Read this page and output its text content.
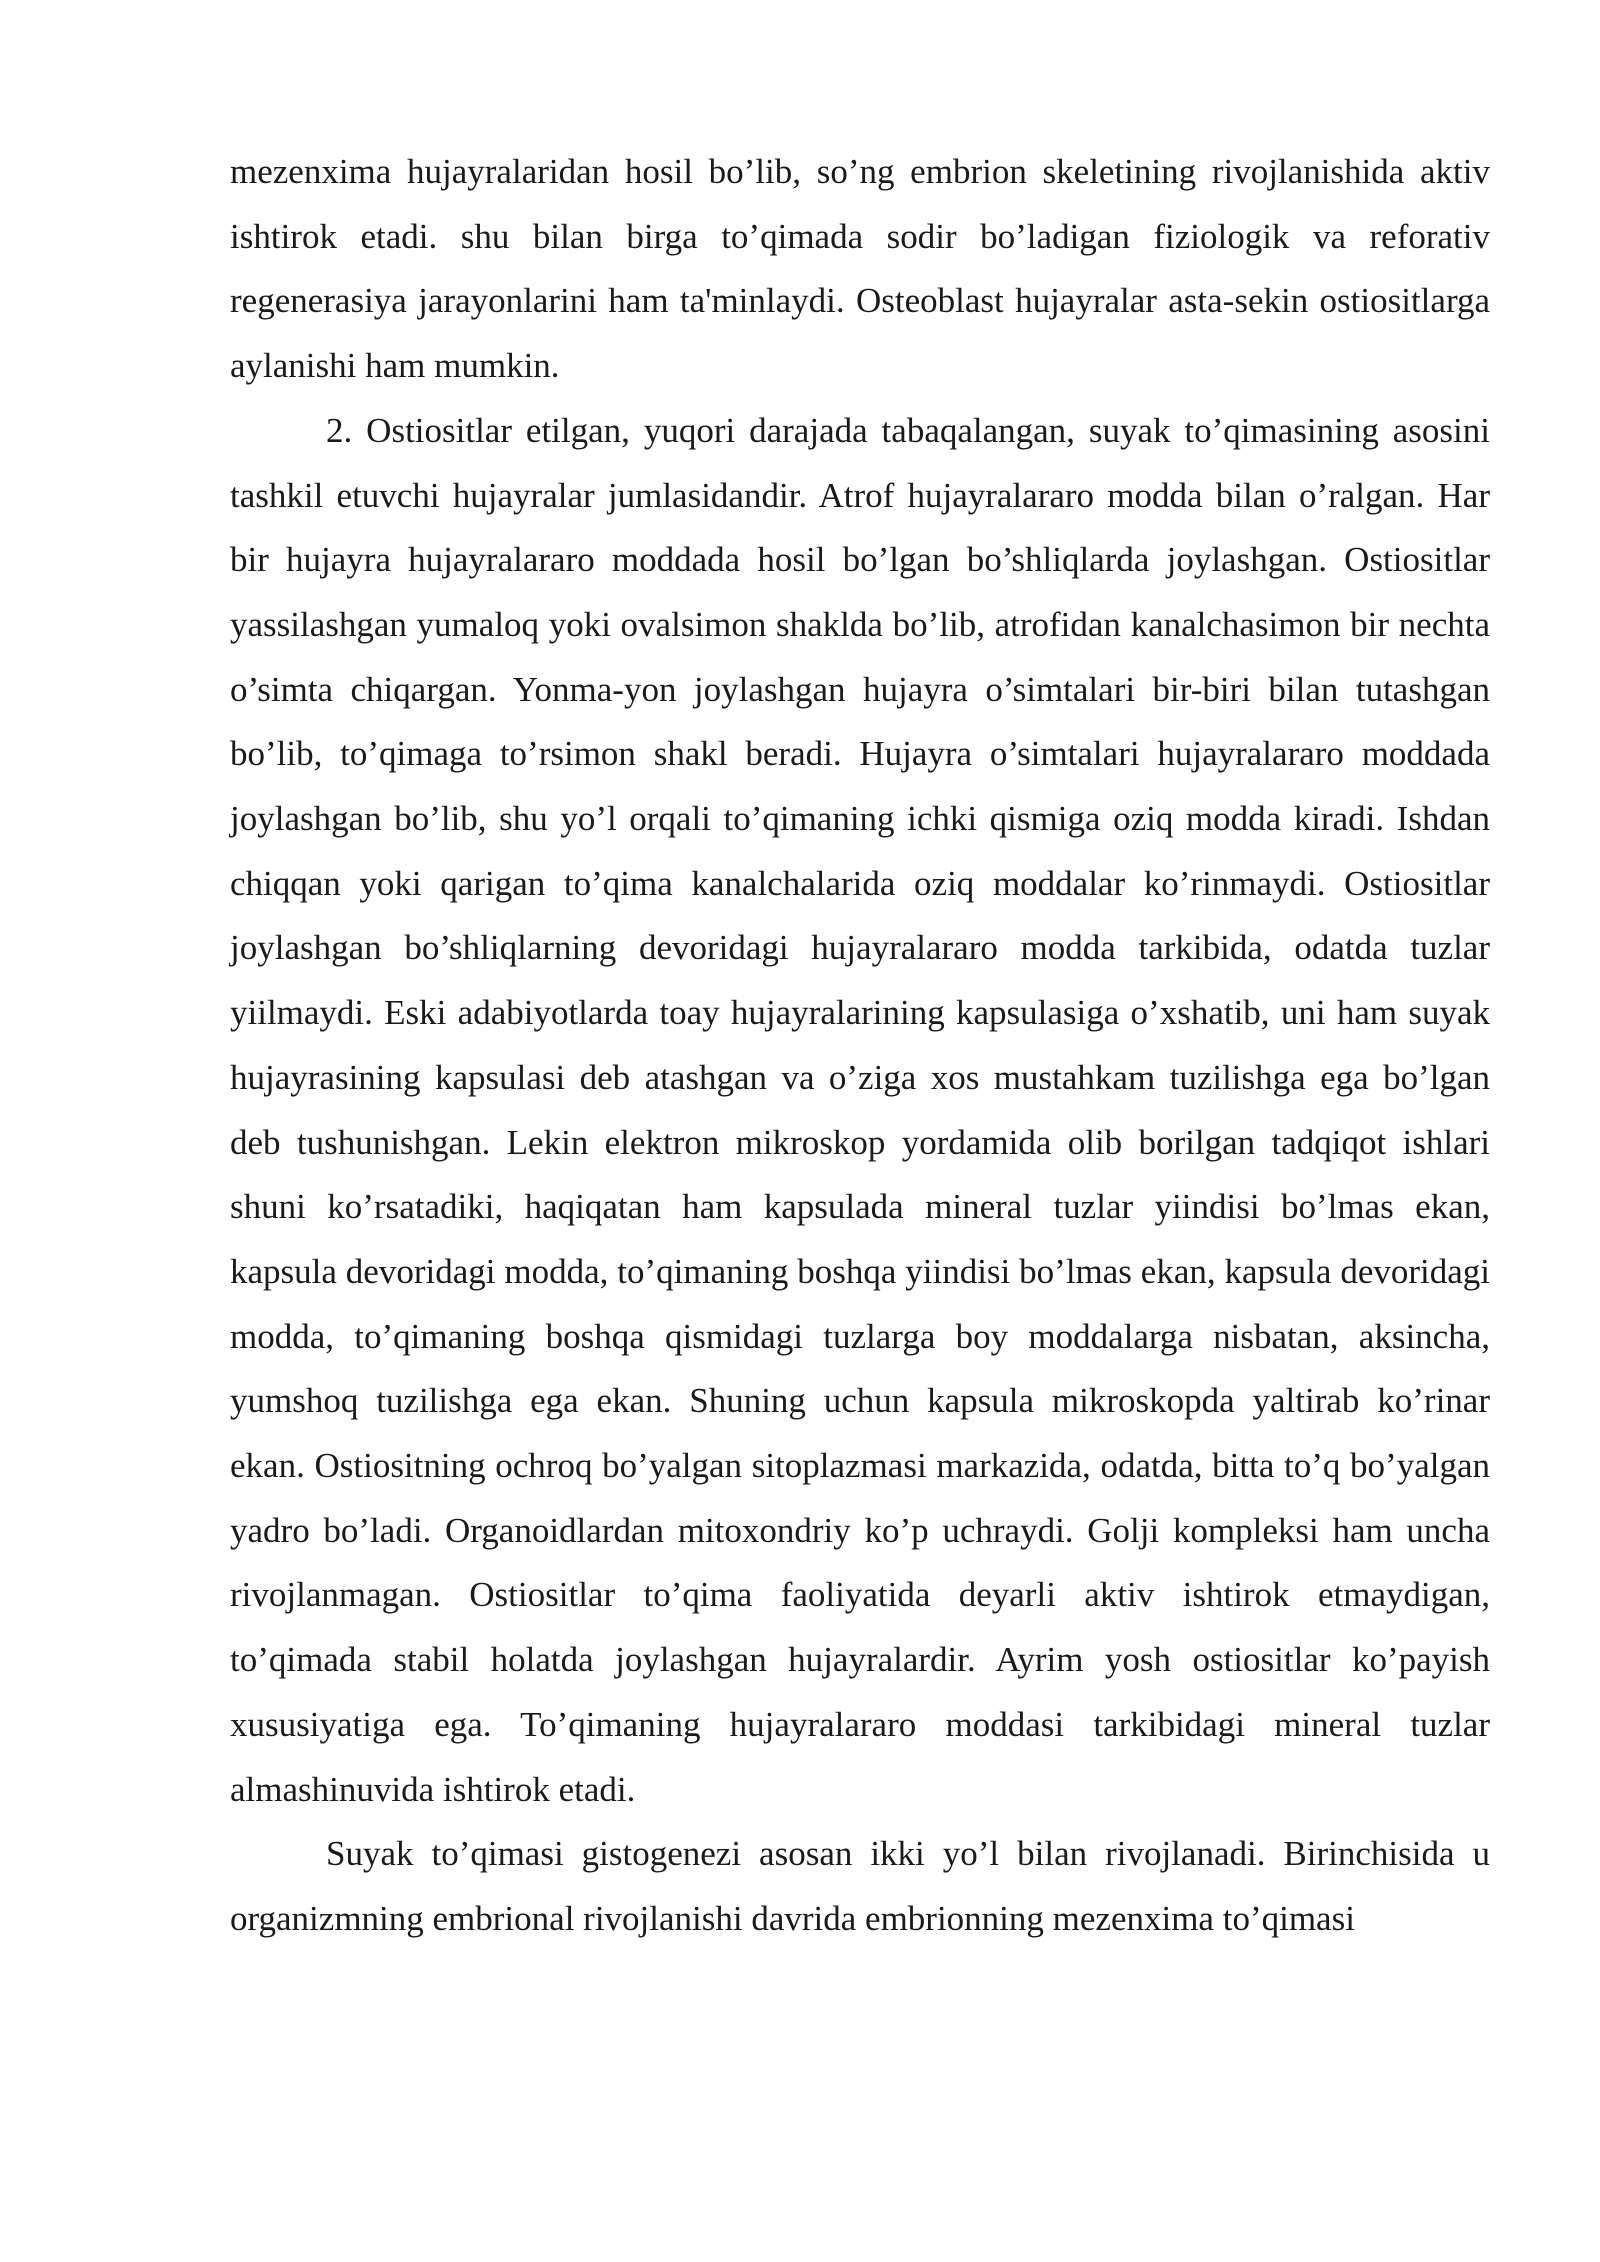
mezenxima hujayralaridan hosil bo’lib, so’ng embrion skeletining rivojlanishida aktiv ishtirok etadi. shu bilan birga to’qimada sodir bo’ladigan fiziologik va reforativ regenerasiya jarayonlarini ham ta'minlaydi. Osteoblast hujayralar asta-sekin ostiositlarga aylanishi ham mumkin.

2. Ostiositlar etilgan, yuqori darajada tabaqalangan, suyak to’qimasining asosini tashkil etuvchi hujayralar jumlasidandir. Atrof hujayralararo modda bilan o’ralgan. Har bir hujayra hujayralararo moddada hosil bo’lgan bo’shliqlarda joylashgan. Ostiositlar yassilashgan yumaloq yoki ovalsimon shaklda bo’lib, atrofidan kanalchasimon bir nechta o’simta chiqargan. Yonma-yon joylashgan hujayra o’simtalari bir-biri bilan tutashgan bo’lib, to’qimaga to’rsimon shakl beradi. Hujayra o’simtalari hujayralararo moddada joylashgan bo’lib, shu yo’l orqali to’qimaning ichki qismiga oziq modda kiradi. Ishdan chiqqan yoki qarigan to’qima kanalchalarida oziq moddalar ko’rinmaydi. Ostiositlar joylashgan bo’shliqlarning devoridagi hujayralararo modda tarkibida, odatda tuzlar yiilmaydi. Eski adabiyotlarda toay hujayralarining kapsulasiga o’xshatib, uni ham suyak hujayrasining kapsulasi deb atashgan va o’ziga xos mustahkam tuzilishga ega bo’lgan deb tushunishgan. Lekin elektron mikroskop yordamida olib borilgan tadqiqot ishlari shuni ko’rsatadiki, haqiqatan ham kapsulada mineral tuzlar yiindisi bo’lmas ekan, kapsula devoridagi modda, to’qimaning boshqa yiindisi bo’lmas ekan, kapsula devoridagi modda, to’qimaning boshqa qismidagi tuzlarga boy moddalarga nisbatan, aksincha, yumshoq tuzilishga ega ekan. Shuning uchun kapsula mikroskopda yaltirab ko’rinar ekan. Ostiositning ochroq bo’yalgan sitoplazmasi markazida, odatda, bitta to’q bo’yalgan yadro bo’ladi. Organoidlardan mitoxondriy ko’p uchraydi. Golji kompleksi ham uncha rivojlanmagan. Ostiositlar to’qima faoliyatida deyarli aktiv ishtirok etmaydigan, to’qimada stabil holatda joylashgan hujayralardir. Ayrim yosh ostiositlar ko’payish xususiyatiga ega. To’qimaning hujayralararo moddasi tarkibidagi mineral tuzlar almashinuvida ishtirok etadi.

Suyak to’qimasi gistogenezi asosan ikki yo’l bilan rivojlanadi. Birinchisida u organizmning embrional rivojlanishi davrida embrionning mezenxima to’qimasi
